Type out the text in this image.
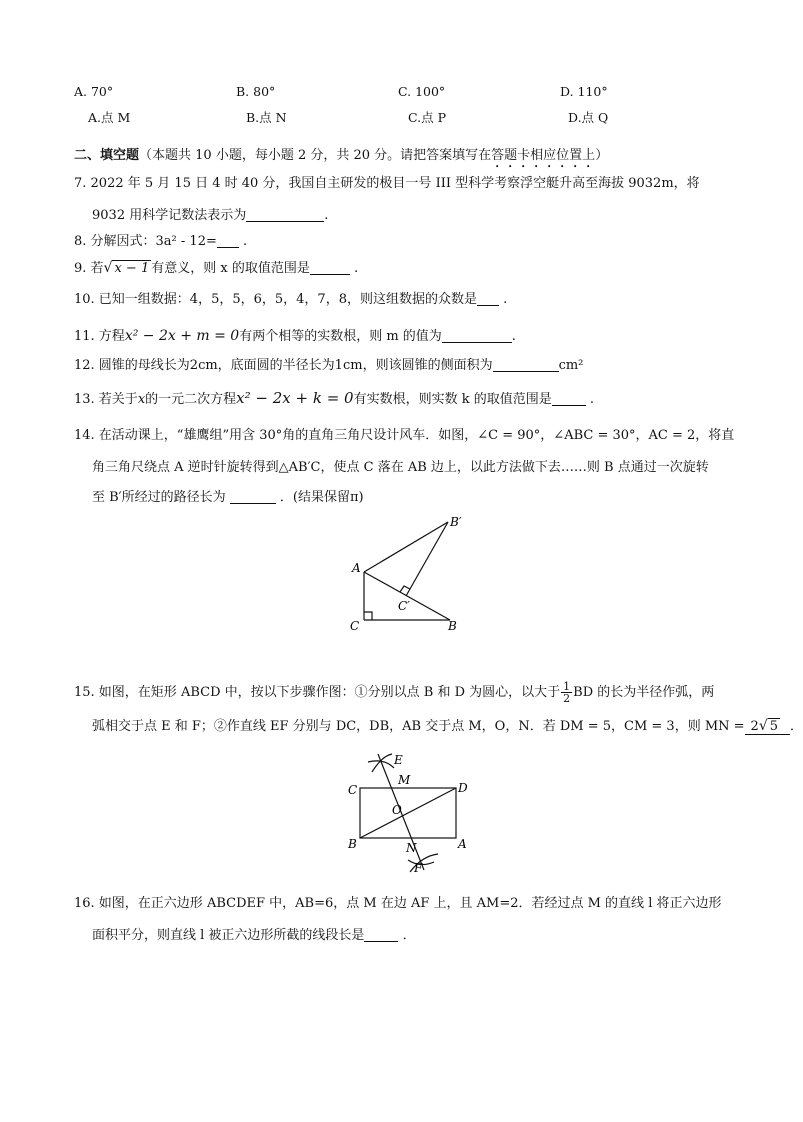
A. 70°	B. 80°	C. 100°	D. 110°
A.点 M	B.点 N	C.点 P	D.点 Q
二、填空题（本题共 10 小题，每小题 2 分，共 20 分。请把答案填写在答题卡相应位置上）
7. 2022 年 5 月 15 日 4 时 40 分，我国自主研发的极目一号 III 型科学考察浮空艇升高至海拔 9032m，将
9032 用科学记数法表示为	.
8. 分解因式：3a² - 12= .
9. 若√ x − 1 有意义，则 x 的取值范围是	.
10. 已知一组数据：4，5，5，6，5，4，7，8，则这组数据的众数是 .
11. 方程x² − 2x + m = 0有两个相等的实数根，则 m 的值为	.
12. 圆锥的母线长为2cm，底面圆的半径长为1cm，则该圆锥的侧面积为	cm²
13. 若关于x的一元二次方程x² − 2x + k = 0有实数根，则实数 k 的取值范围是	.
14. 在活动课上，“雄鹰组”用含 30°角的直角三角尺设计风车．如图，∠C = 90°，∠ABC = 30°，AC = 2，将直
角三角尺绕点 A 逆时针旋转得到△AB′C，使点 C 落在 AB 边上，以此方法做下去……则 B 点通过一次旋转
至 B′所经过的路径长为	．(结果保留π)
A
C	B
B′
C′
15. 如图，在矩形 ABCD 中，按以下步骤作图：①分别以点 B 和 D 为圆心，以大于 $\frac{1}{2}$ BD 的长为半径作弧，两
弧相交于点 E 和 F；②作直线 EF 分别与 DC，DB，AB 交于点 M，O，N．若 DM = 5，CM = 3，则 MN = 2√ 5 ．
E
M
C	D
O
B	A
N
F
16. 如图，在正六边形 ABCDEF 中，AB=6，点 M 在边 AF 上，且 AM=2．若经过点 M 的直线 l 将正六边形
面积平分，则直线 l 被正六边形所截的线段长是	．
